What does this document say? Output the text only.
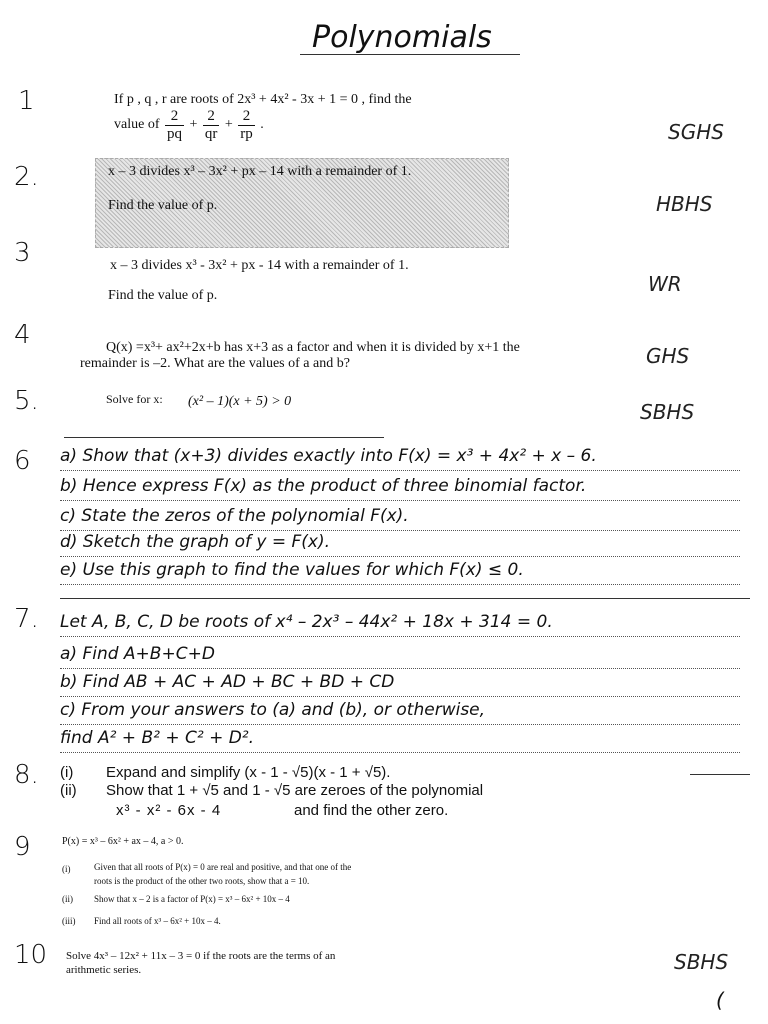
Polynomials
1
2.
3
4
5.
6
7.
8.
9
10
SGHS
HBHS
WR
GHS
SBHS
SBHS
If p , q , r are roots of 2x³ + 4x² - 3x + 1 = 0 , find the
value of $\frac{2}{pq} + \frac{2}{qr} + \frac{2}{rp}$ .
x – 3 divides x³ – 3x² + px – 14 with a remainder of 1.
Find the value of p.
x – 3 divides x³ - 3x² + px - 14 with a remainder of 1.
Find the value of p.
Q(x) =x³+ ax²+2x+b has x+3 as a factor and when it is divided by x+1 the
remainder is –2. What are the values of a and b?
Solve for x: (x² – 1)(x + 5) > 0
a) Show that (x+3) divides exactly into F(x) = x³ + 4x² + x – 6.
b) Hence express F(x) as the product of three binomial factor.
c) State the zeros of the polynomial F(x).
d) Sketch the graph of y = F(x).
e) Use this graph to find the values for which F(x) ≤ 0.
Let A, B, C, D be roots of x⁴ – 2x³ – 44x² + 18x + 314 = 0.
a) Find A+B+C+D
b) Find AB + AC + AD + BC + BD + CD
c) From your answers to (a) and (b), or otherwise,
find A² + B² + C² + D².
(i) Expand and simplify (x - 1 - √5)(x - 1 + √5).
(ii) Show that 1 + √5 and 1 - √5 are zeroes of the polynomial
x³ - x² - 6x - 4	and find the other zero.
P(x) = x³ – 6x² + ax – 4, a > 0.
(i)	Given that all roots of P(x) = 0 are real and positive, and that one of the
roots is the product of the other two roots, show that a = 10.
(ii) Show that x – 2 is a factor of P(x) = x³ – 6x² + 10x – 4
(iii) Find all roots of x³ – 6x² + 10x – 4.
Solve 4x³ – 12x² + 11x – 3 = 0 if the roots are the terms of an
arithmetic series.
(
